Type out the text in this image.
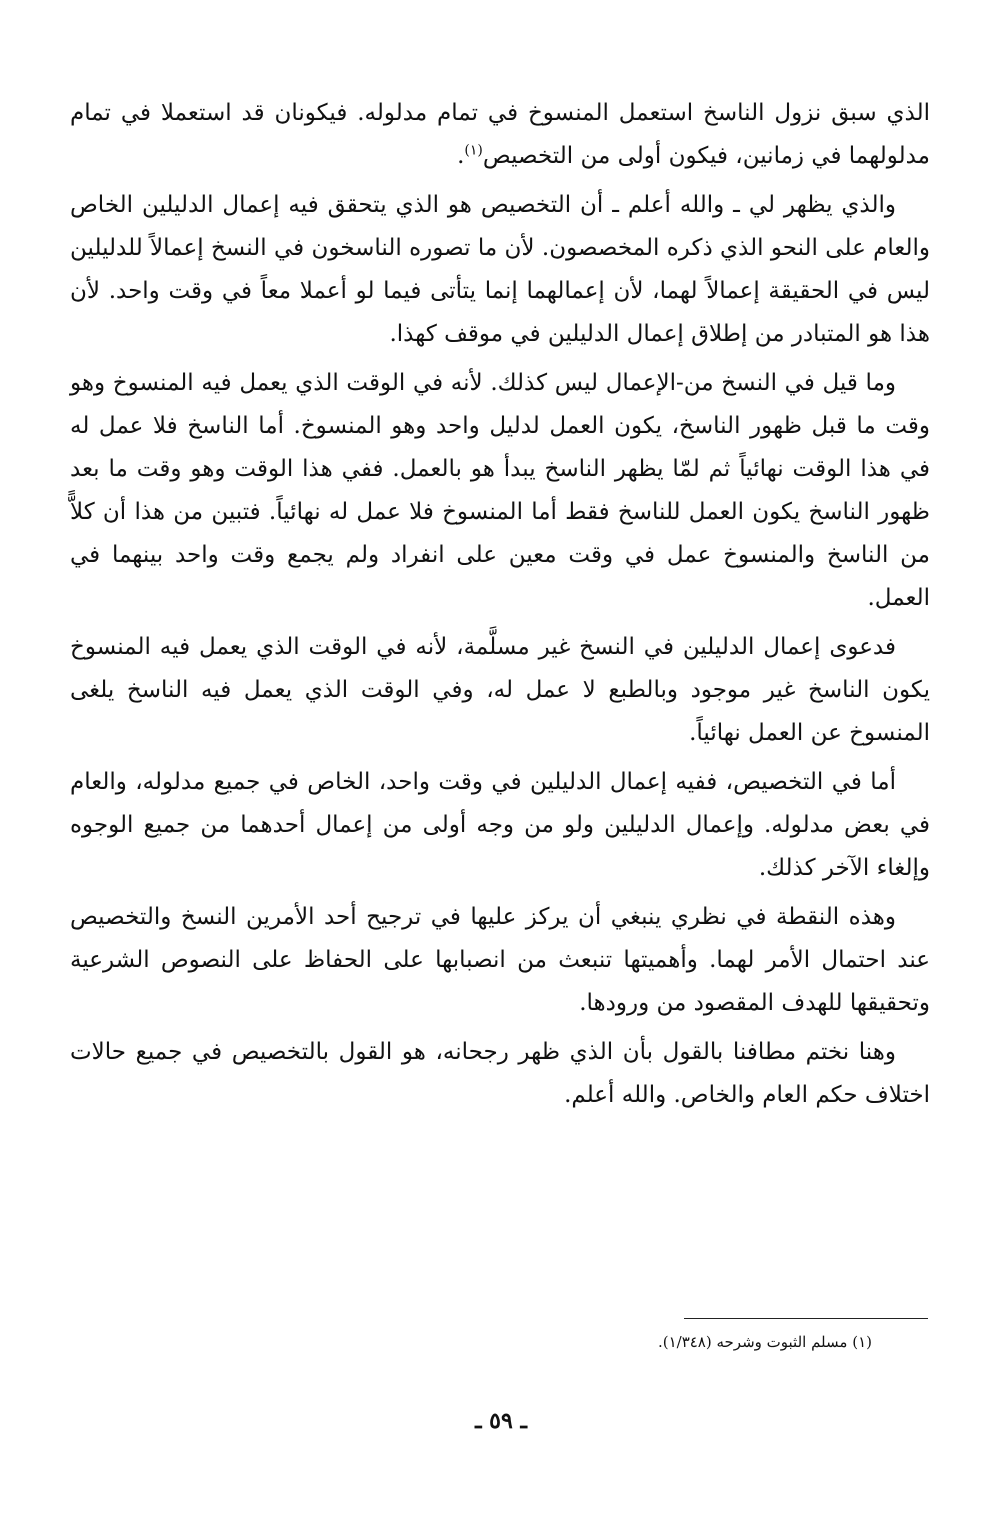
الذي سبق نزول الناسخ استعمل المنسوخ في تمام مدلوله. فيكونان قد استعملا في تمام مدلولهما في زمانين، فيكون أولى من التخصيص$^{(١)}$.

والذي يظهر لي ـ والله أعلم ـ أن التخصيص هو الذي يتحقق فيه إعمال الدليلين الخاص والعام على النحو الذي ذكره المخصصون. لأن ما تصوره الناسخون في النسخ إعمالاً للدليلين ليس في الحقيقة إعمالاً لهما، لأن إعمالهما إنما يتأتى فيما لو أعملا معاً في وقت واحد. لأن هذا هو المتبادر من إطلاق إعمال الدليلين في موقف كهذا.

وما قيل في النسخ من-الإعمال ليس كذلك. لأنه في الوقت الذي يعمل فيه المنسوخ وهو وقت ما قبل ظهور الناسخ، يكون العمل لدليل واحد وهو المنسوخ. أما الناسخ فلا عمل له في هذا الوقت نهائياً ثم لمّا يظهر الناسخ يبدأ هو بالعمل. ففي هذا الوقت وهو وقت ما بعد ظهور الناسخ يكون العمل للناسخ فقط أما المنسوخ فلا عمل له نهائياً. فتبين من هذا أن كلاًّ من الناسخ والمنسوخ عمل في وقت معين على انفراد ولم يجمع وقت واحد بينهما في العمل.

فدعوى إعمال الدليلين في النسخ غير مسلَّمة، لأنه في الوقت الذي يعمل فيه المنسوخ يكون الناسخ غير موجود وبالطبع لا عمل له، وفي الوقت الذي يعمل فيه الناسخ يلغى المنسوخ عن العمل نهائياً.

أما في التخصيص، ففيه إعمال الدليلين في وقت واحد، الخاص في جميع مدلوله، والعام في بعض مدلوله. وإعمال الدليلين ولو من وجه أولى من إعمال أحدهما من جميع الوجوه وإلغاء الآخر كذلك.

وهذه النقطة في نظري ينبغي أن يركز عليها في ترجيح أحد الأمرين النسخ والتخصيص عند احتمال الأمر لهما. وأهميتها تنبعث من انصبابها على الحفاظ على النصوص الشرعية وتحقيقها للهدف المقصود من ورودها.

وهنا نختم مطافنا بالقول بأن الذي ظهر رجحانه، هو القول بالتخصيص في جميع حالات اختلاف حكم العام والخاص. والله أعلم.

(١) مسلم الثبوت وشرحه (١/٣٤٨).
ـ ٥٩ ـ
